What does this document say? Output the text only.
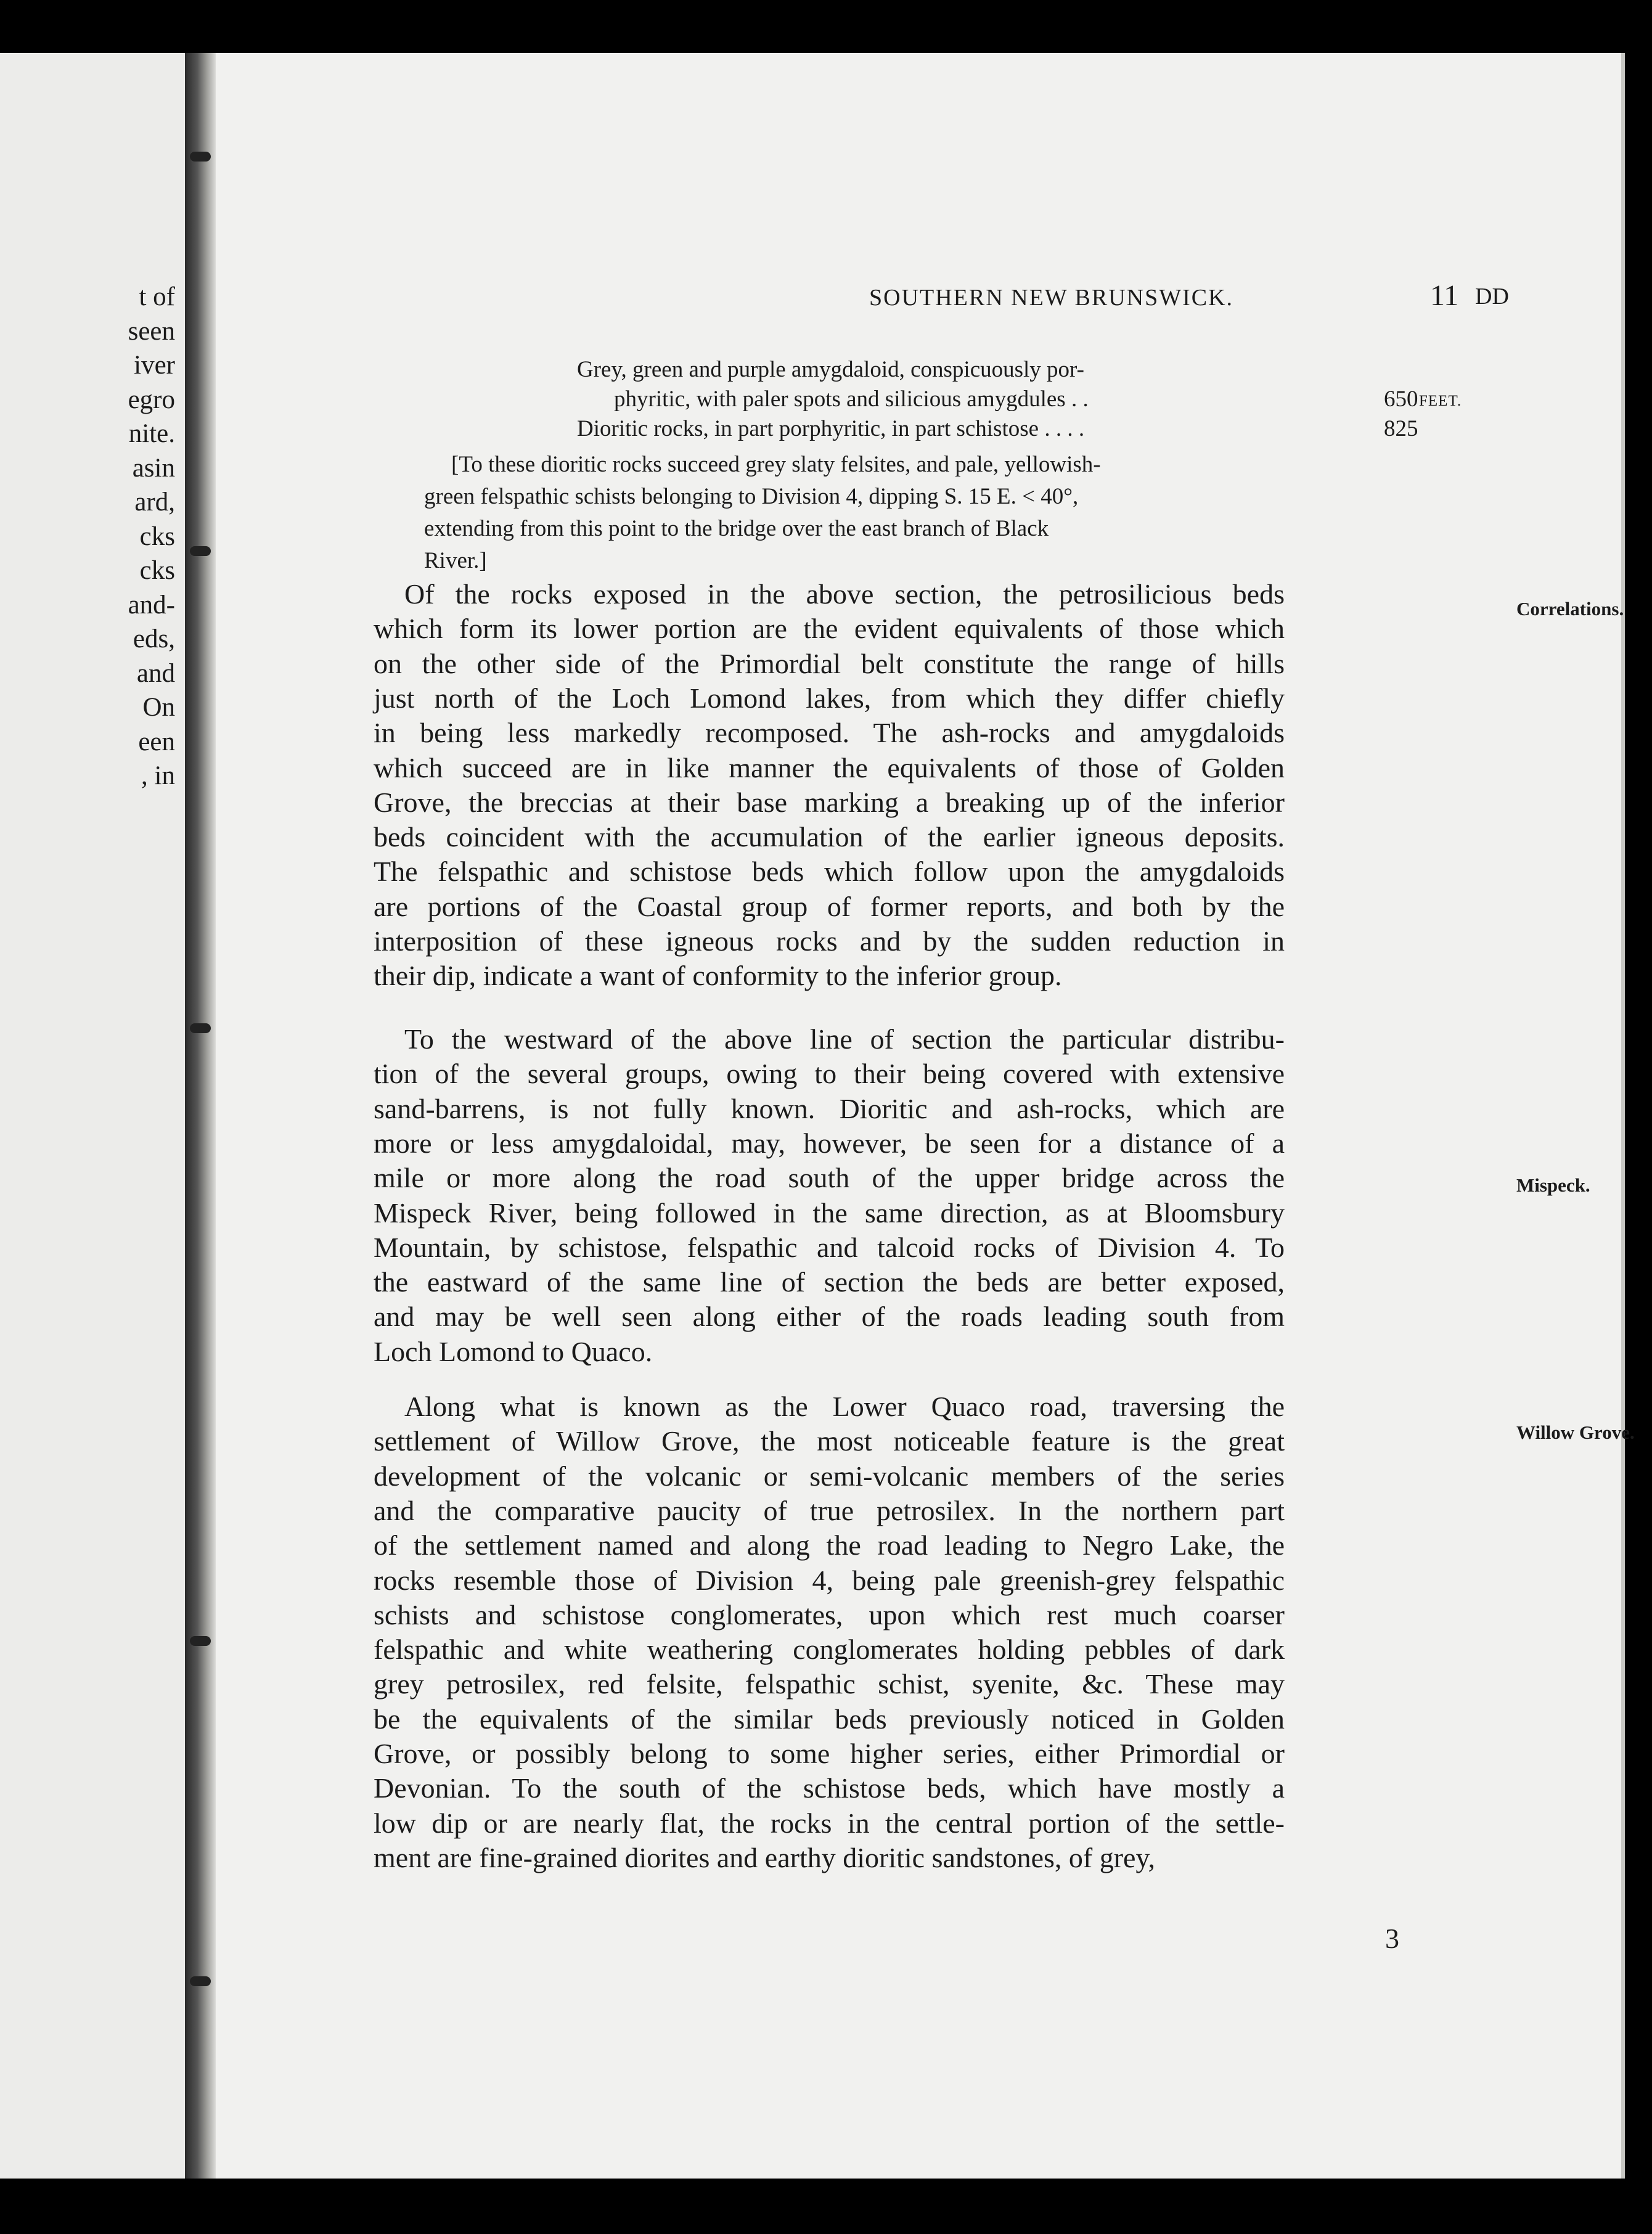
t of
seen
iver
egro
nite.
asin
ard,
cks
cks
and-
eds,
and
On
een
, in
SOUTHERN NEW BRUNSWICK.	11 DD
FEET.
Grey, green and purple amygdaloid, conspicuously por-
phyritic, with paler spots and silicious amygdules . .	650
Dioritic rocks, in part porphyritic, in part schistose . . . .	825
[To these dioritic rocks succeed grey slaty felsites, and pale, yellowish-
green felspathic schists belonging to Division 4, dipping S. 15 E. < 40°,
extending from this point to the bridge over the east branch of Black
River.]
Of the rocks exposed in the above section, the petrosilicious beds
which form its lower portion are the evident equivalents of those which
on the other side of the Primordial belt constitute the range of hills
just north of the Loch Lomond lakes, from which they differ chiefly
in being less markedly recomposed. The ash-rocks and amygdaloids
which succeed are in like manner the equivalents of those of Golden
Grove, the breccias at their base marking a breaking up of the inferior
beds coincident with the accumulation of the earlier igneous deposits.
The felspathic and schistose beds which follow upon the amygdaloids
are portions of the Coastal group of former reports, and both by the
interposition of these igneous rocks and by the sudden reduction in
their dip, indicate a want of conformity to the inferior group.
To the westward of the above line of section the particular distribu-
tion of the several groups, owing to their being covered with extensive
sand-barrens, is not fully known. Dioritic and ash-rocks, which are
more or less amygdaloidal, may, however, be seen for a distance of a
mile or more along the road south of the upper bridge across the
Mispeck River, being followed in the same direction, as at Bloomsbury
Mountain, by schistose, felspathic and talcoid rocks of Division 4. To
the eastward of the same line of section the beds are better exposed,
and may be well seen along either of the roads leading south from
Loch Lomond to Quaco.
Along what is known as the Lower Quaco road, traversing the
settlement of Willow Grove, the most noticeable feature is the great
development of the volcanic or semi-volcanic members of the series
and the comparative paucity of true petrosilex. In the northern part
of the settlement named and along the road leading to Negro Lake, the
rocks resemble those of Division 4, being pale greenish-grey felspathic
schists and schistose conglomerates, upon which rest much coarser
felspathic and white weathering conglomerates holding pebbles of dark
grey petrosilex, red felsite, felspathic schist, syenite, &c. These may
be the equivalents of the similar beds previously noticed in Golden
Grove, or possibly belong to some higher series, either Primordial or
Devonian. To the south of the schistose beds, which have mostly a
low dip or are nearly flat, the rocks in the central portion of the settle-
ment are fine-grained diorites and earthy dioritic sandstones, of grey,
Correlations.
Mispeck.
Willow Grove.
3
